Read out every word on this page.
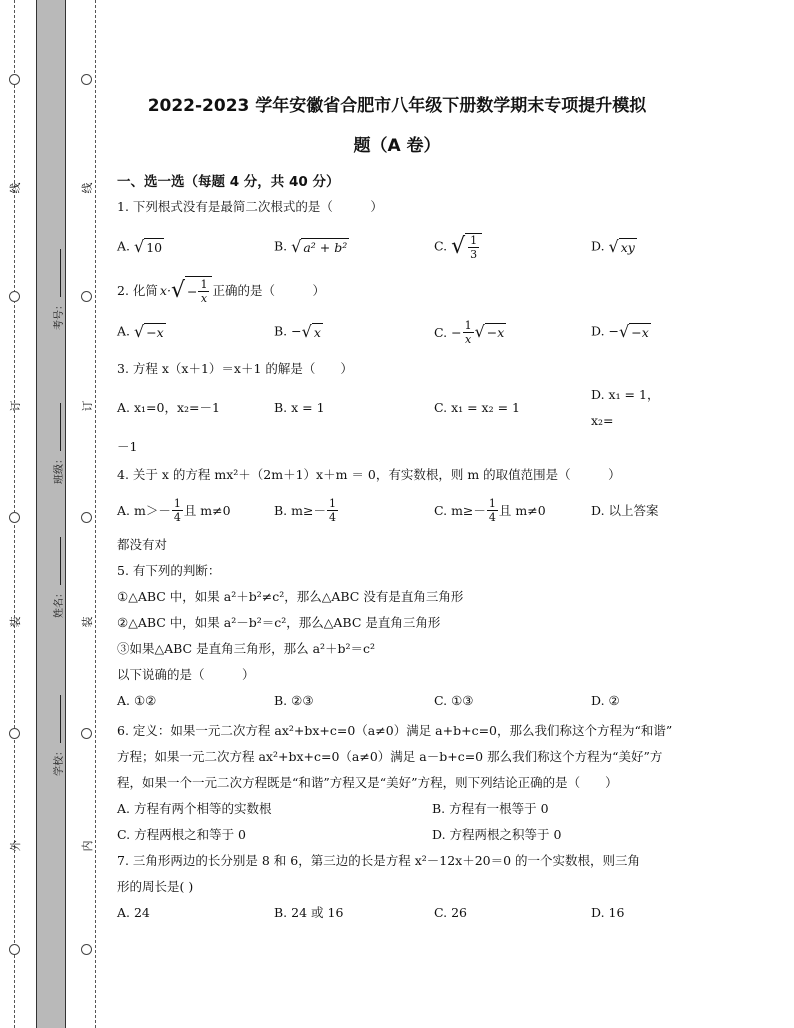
线
订
装
外
线
订
装
内
考号：
班级：
姓名：
学校：
2022-2023 学年安徽省合肥市八年级下册数学期末专项提升模拟
题（A 卷）
一、选一选（每题 4 分，共 40 分）
1. 下列根式没有是最简二次根式的是（　　　）
A. √ 10	B. √ a² + b²	C. √ $\frac{1}{3}$	D. √ xy
2. 化简 x· √ − $\frac{1}{x}$ 正确的是（　　　）
A. √ −x	B. − √ x	C.
− $\frac{1}{x}$ √ −x	D. − √ −x
3. 方程 x（x＋1）＝x＋1 的解是（　　）
A. x₁=0，x₂=－1	B. x = 1	C. x₁ = x₂ = 1
D. x₁ = 1， x₂=
－1
4. 关于 x 的方程 mx²＋（2m＋1）x＋m ＝ 0，有实数根，则 m 的取值范围是（　　　）
A. $m>- \frac{1}{4}$ 且 m≠0	B. $m\ge- \frac{1}{4}$	C. $m\ge- \frac{1}{4}$ 且 m≠0	D. 以上答案
都没有对
5. 有下列的判断：
①△ABC 中，如果 a²＋b²≠c²，那么△ABC 没有是直角三角形
②△ABC 中，如果 a²－b²＝c²，那么△ABC 是直角三角形
③如果△ABC 是直角三角形，那么 a²＋b²＝c²
以下说确的是（　　　）
A. ①②	B. ②③	C. ①③	D. ②
6. 定义：如果一元二次方程 ax²+bx+c=0（a≠0）满足 a+b+c=0，那么我们称这个方程为“和谐”
方程；如果一元二次方程 ax²+bx+c=0（a≠0）满足 a－b+c=0 那么我们称这个方程为“美好”方
程，如果一个一元二次方程既是“和谐”方程又是“美好”方程，则下列结论正确的是（　　）
A. 方程有两个相等的实数根	B. 方程有一根等于 0
C. 方程两根之和等于 0	D. 方程两根之积等于 0
7. 三角形两边的长分别是 8 和 6，第三边的长是方程 x²－12x＋20＝0 的一个实数根，则三角
形的周长是( )
A. 24	B. 24 或 16	C. 26	D. 16
